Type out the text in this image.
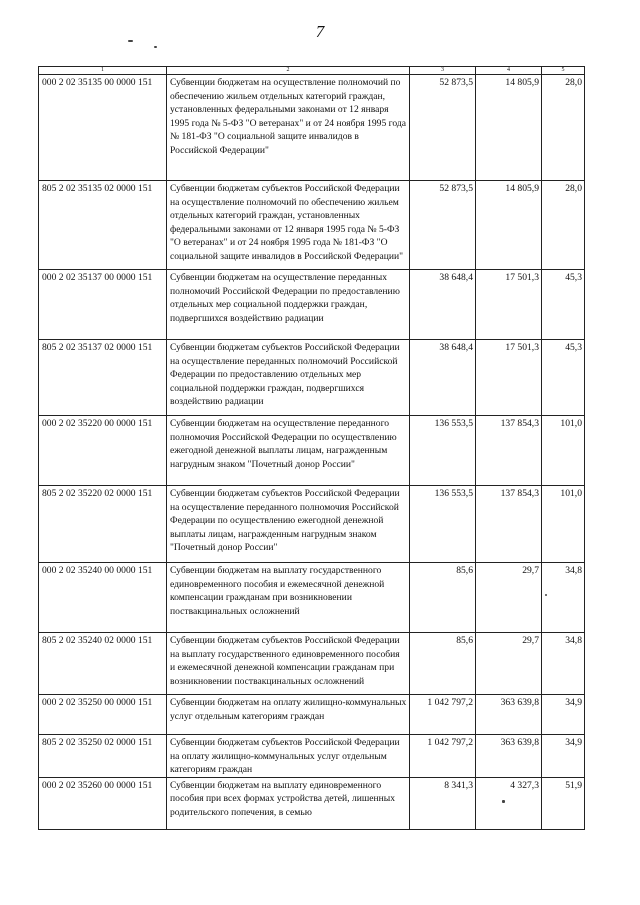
7
1	2	3	4	5
000 2 02 35135 00 0000 151	Субвенции бюджетам на осуществление полномочий по обеспечению жильем отдельных категорий граждан, установленных федеральными законами от 12 января 1995 года № 5-ФЗ "О ветеранах" и от 24 ноября 1995 года № 181-ФЗ "О социальной защите инвалидов в Российской Федерации"	52 873,5	14 805,9	28,0
805 2 02 35135 02 0000 151	Субвенции бюджетам субъектов Российской Федерации на осуществление полномочий по обеспечению жильем отдельных категорий граждан, установленных федеральными законами от 12 января 1995 года № 5-ФЗ "О ветеранах" и от 24 ноября 1995 года № 181-ФЗ "О социальной защите инвалидов в Российской Федерации"	52 873,5	14 805,9	28,0
000 2 02 35137 00 0000 151	Субвенции бюджетам на осуществление переданных полномочий Российской Федерации по предоставлению отдельных мер социальной поддержки граждан, подвергшихся воздействию радиации	38 648,4	17 501,3	45,3
805 2 02 35137 02 0000 151	Субвенции бюджетам субъектов Российской Федерации на осуществление переданных полномочий Российской Федерации по предоставлению отдельных мер социальной поддержки граждан, подвергшихся воздействию радиации	38 648,4	17 501,3	45,3
000 2 02 35220 00 0000 151	Субвенции бюджетам на осуществление переданного полномочия Российской Федерации по осуществлению ежегодной денежной выплаты лицам, награжденным нагрудным знаком "Почетный донор России"	136 553,5	137 854,3	101,0
805 2 02 35220 02 0000 151	Субвенции бюджетам субъектов Российской Федерации на осуществление переданного полномочия Российской Федерации по осуществлению ежегодной денежной выплаты лицам, награжденным нагрудным знаком "Почетный донор России"	136 553,5	137 854,3	101,0
000 2 02 35240 00 0000 151	Субвенции бюджетам на выплату государственного единовременного пособия и ежемесячной денежной компенсации гражданам при возникновении поствакцинальных осложнений	85,6	29,7	34,8
805 2 02 35240 02 0000 151	Субвенции бюджетам субъектов Российской Федерации на выплату государственного единовременного пособия и ежемесячной денежной компенсации гражданам при возникновении поствакцинальных осложнений	85,6	29,7	34,8
000 2 02 35250 00 0000 151	Субвенции бюджетам на оплату жилищно-коммунальных услуг отдельным категориям граждан	1 042 797,2	363 639,8	34,9
805 2 02 35250 02 0000 151	Субвенции бюджетам субъектов Российской Федерации на оплату жилищно-коммунальных услуг отдельным категориям граждан	1 042 797,2	363 639,8	34,9
000 2 02 35260 00 0000 151	Субвенции бюджетам на выплату единовременного пособия при всех формах устройства детей, лишенных родительского попечения, в семью	8 341,3	4 327,3	51,9
